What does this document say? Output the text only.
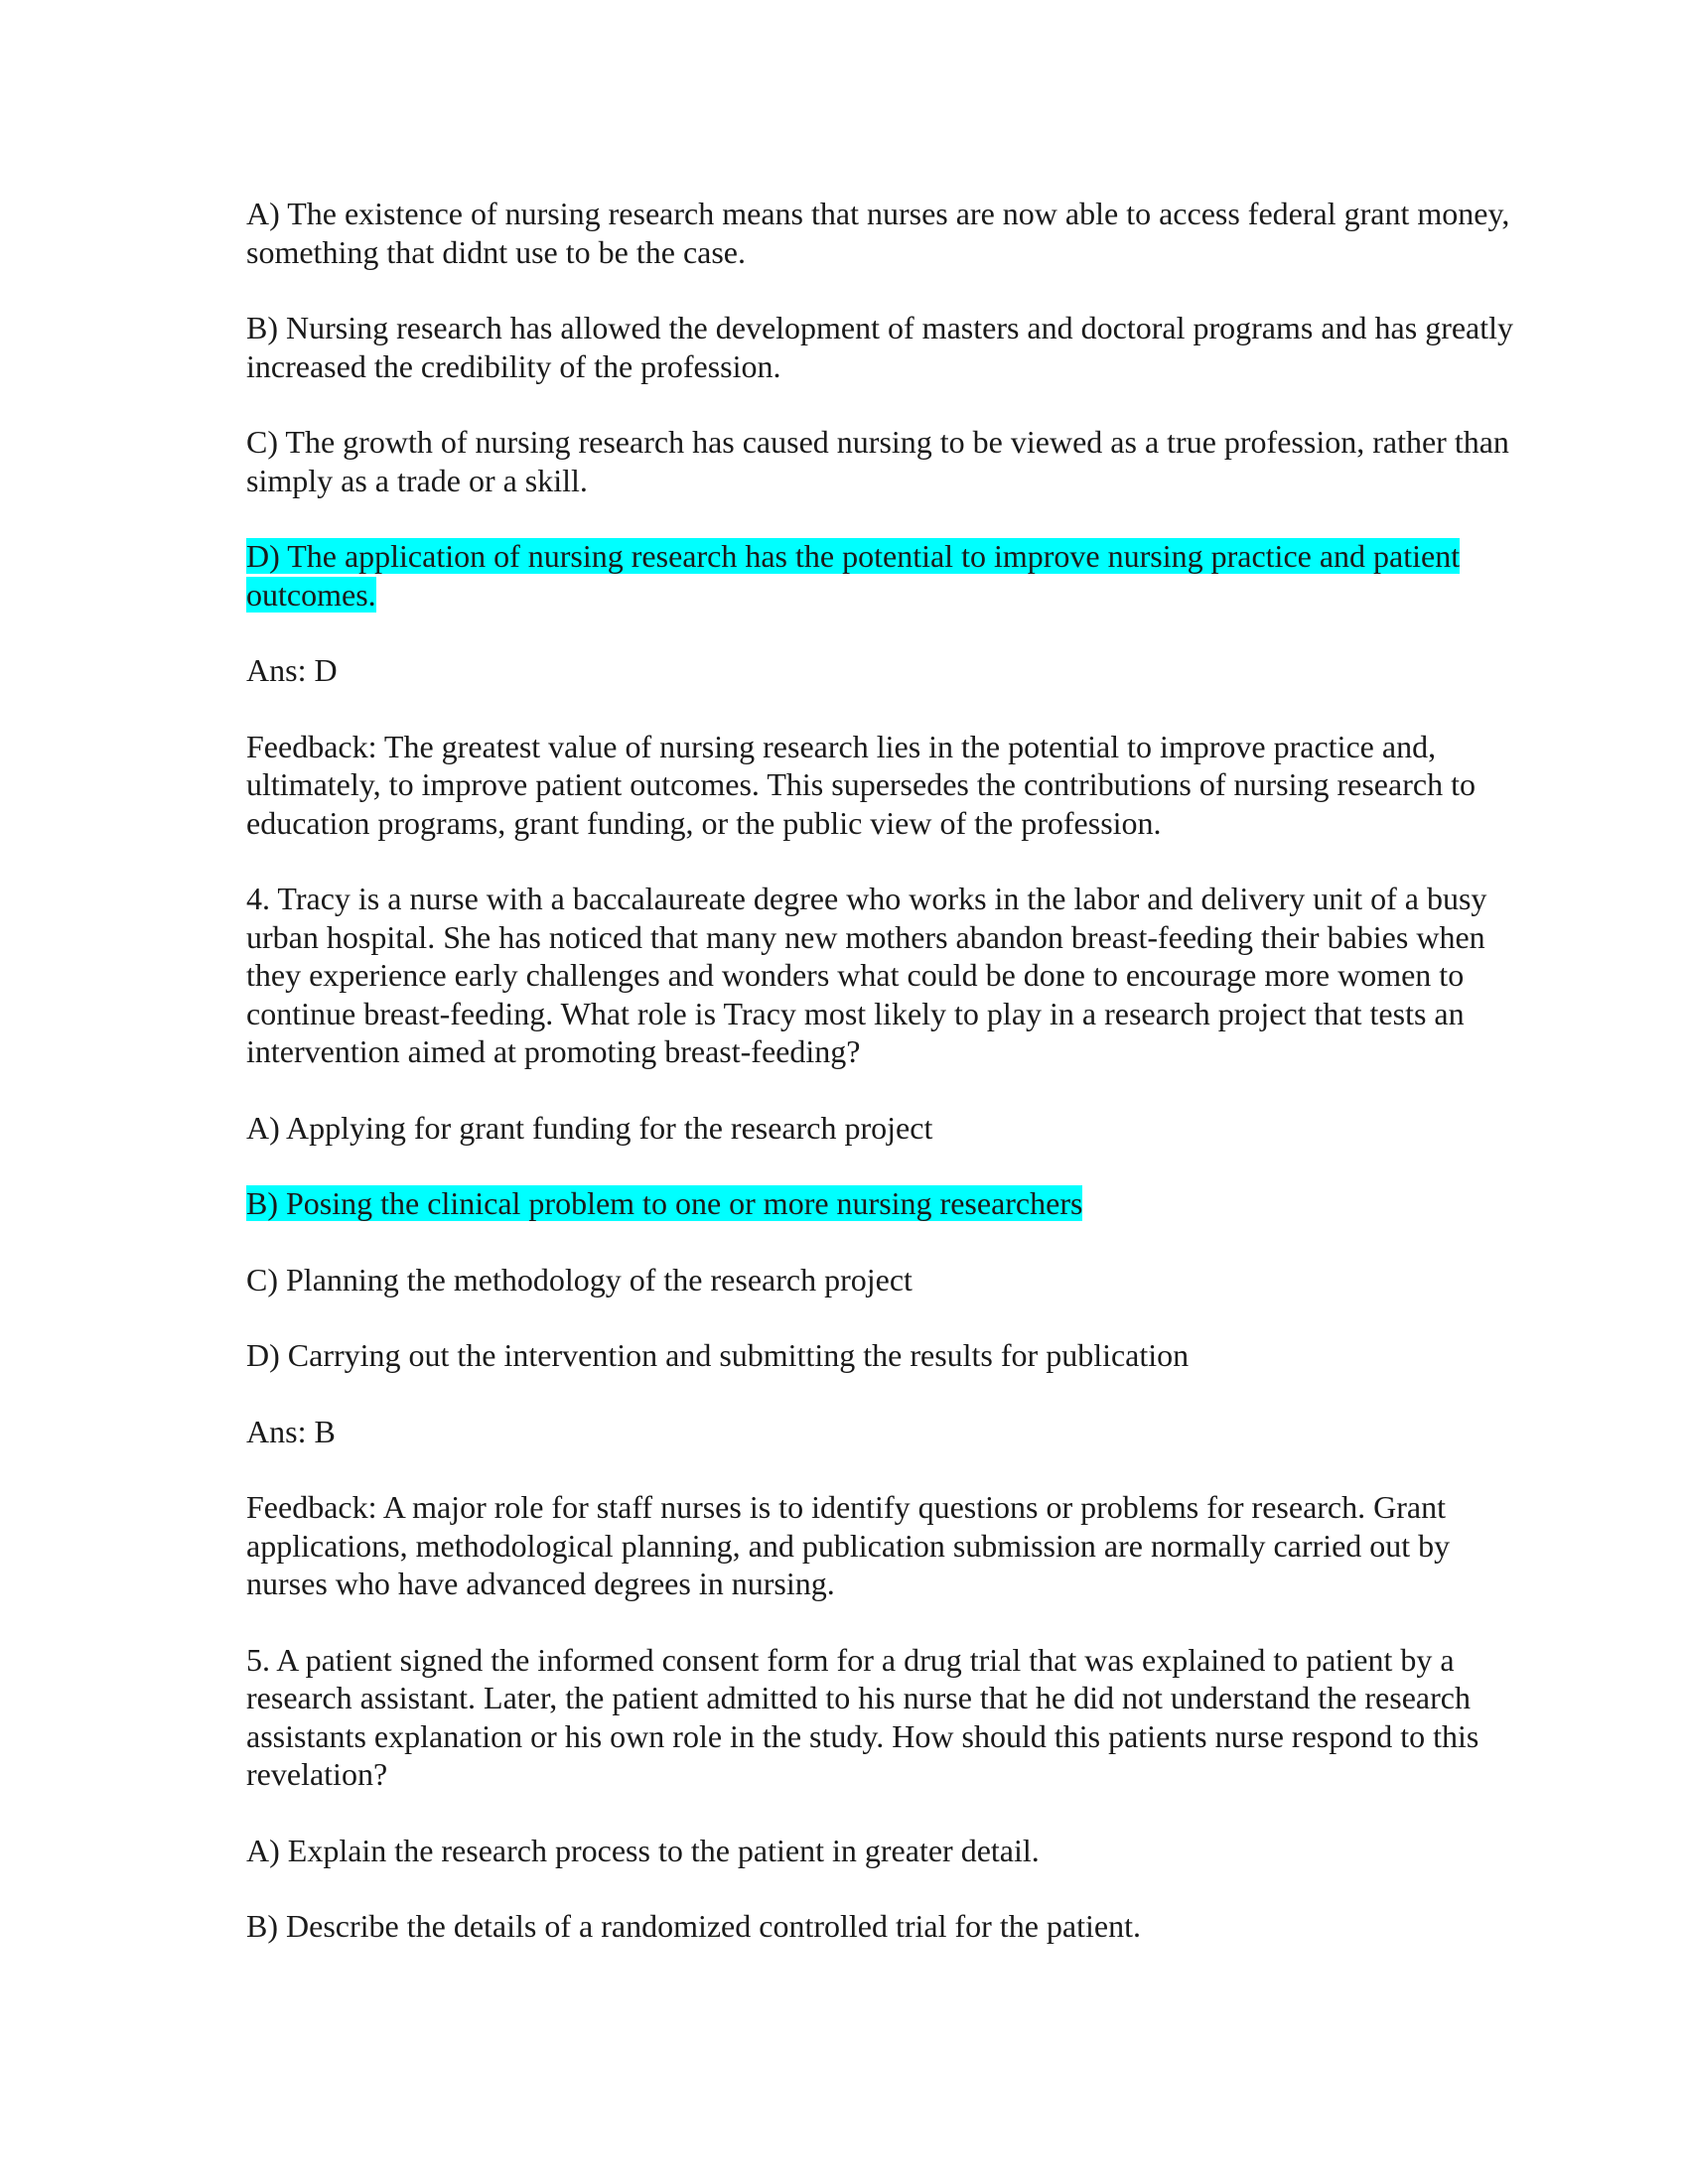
A) The existence of nursing research means that nurses are now able to access federal grant money,
something that didnt use to be the case.

B) Nursing research has allowed the development of masters and doctoral programs and has greatly
increased the credibility of the profession.

C) The growth of nursing research has caused nursing to be viewed as a true profession, rather than
simply as a trade or a skill.

D) The application of nursing research has the potential to improve nursing practice and patient
outcomes.

Ans: D

Feedback: The greatest value of nursing research lies in the potential to improve practice and,
ultimately, to improve patient outcomes. This supersedes the contributions of nursing research to
education programs, grant funding, or the public view of the profession.

4. Tracy is a nurse with a baccalaureate degree who works in the labor and delivery unit of a busy
urban hospital. She has noticed that many new mothers abandon breast-feeding their babies when
they experience early challenges and wonders what could be done to encourage more women to
continue breast-feeding. What role is Tracy most likely to play in a research project that tests an
intervention aimed at promoting breast-feeding?

A) Applying for grant funding for the research project

B) Posing the clinical problem to one or more nursing researchers

C) Planning the methodology of the research project

D) Carrying out the intervention and submitting the results for publication

Ans: B

Feedback: A major role for staff nurses is to identify questions or problems for research. Grant
applications, methodological planning, and publication submission are normally carried out by
nurses who have advanced degrees in nursing.

5. A patient signed the informed consent form for a drug trial that was explained to patient by a
research assistant. Later, the patient admitted to his nurse that he did not understand the research
assistants explanation or his own role in the study. How should this patients nurse respond to this
revelation?

A) Explain the research process to the patient in greater detail.

B) Describe the details of a randomized controlled trial for the patient.
